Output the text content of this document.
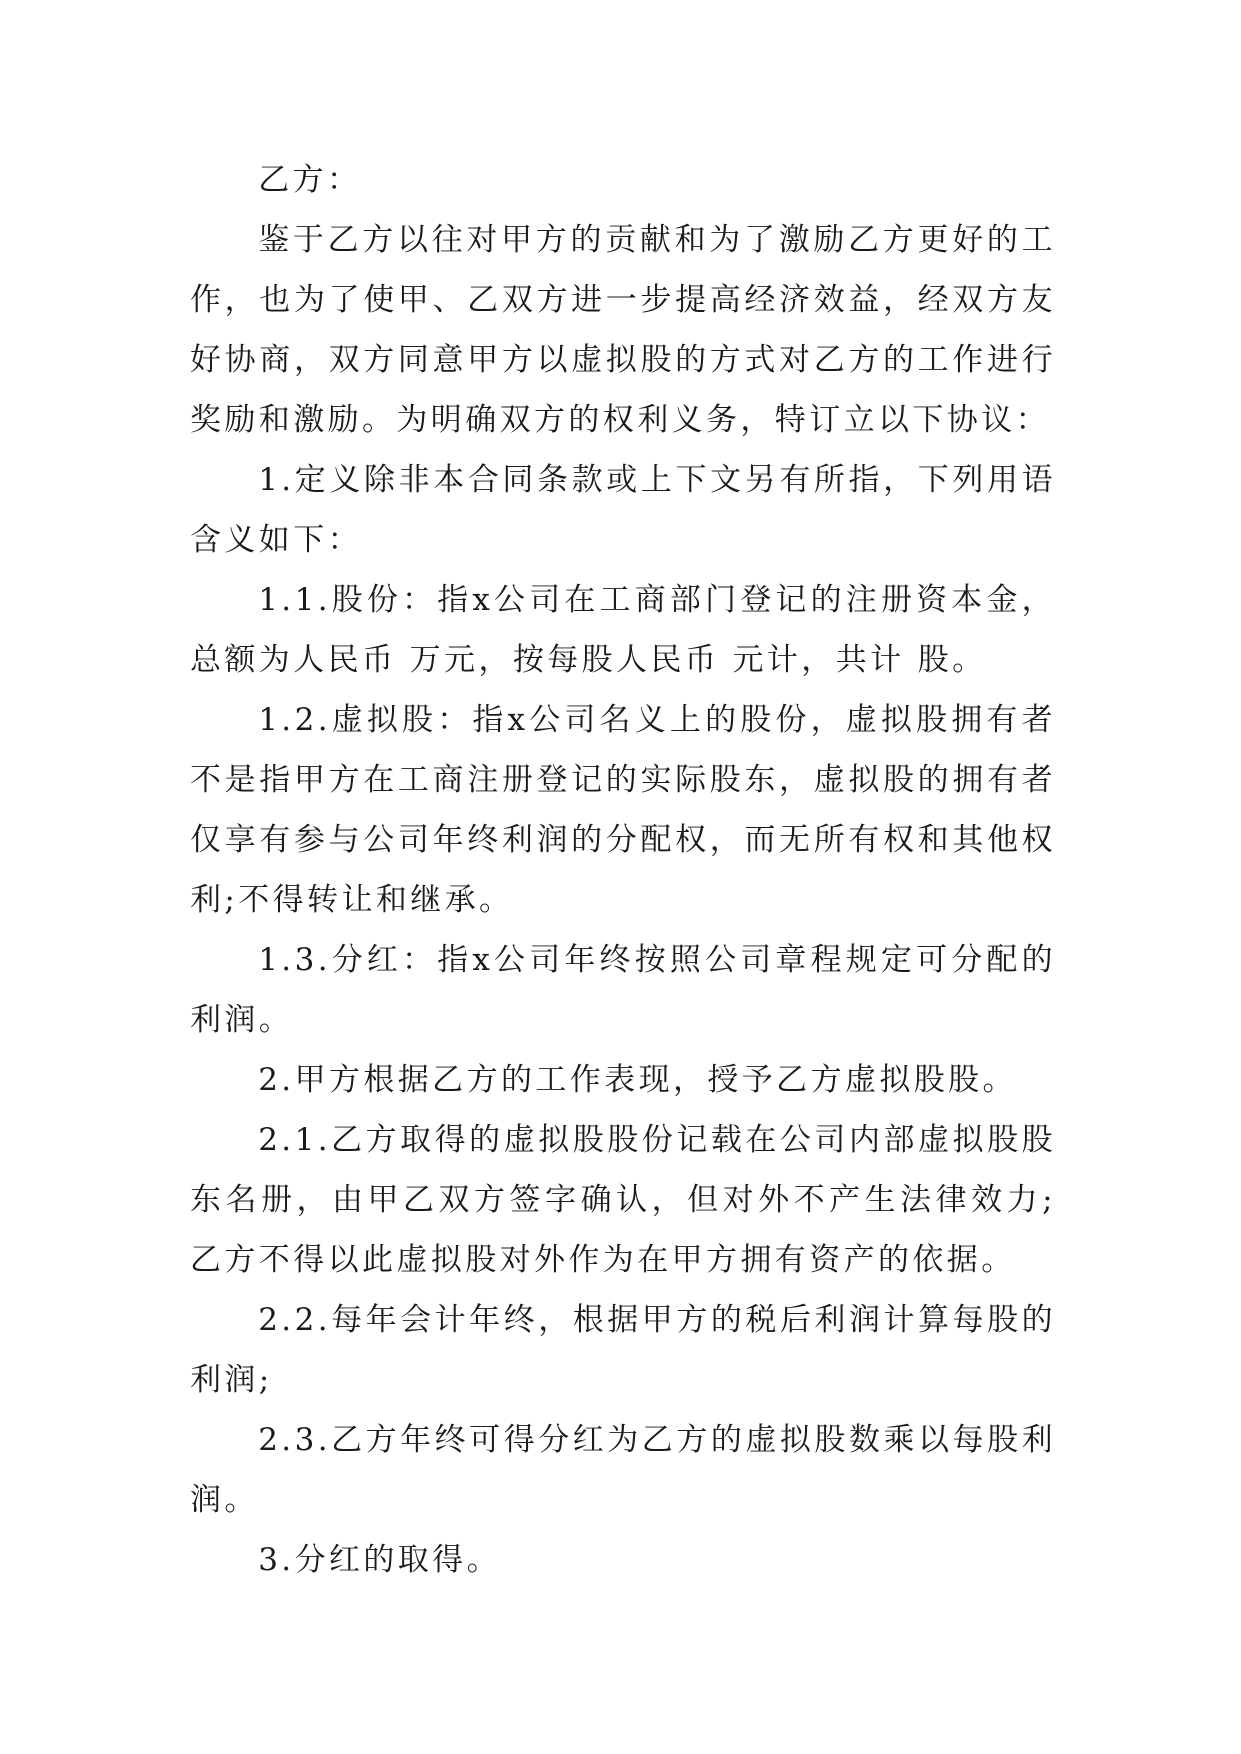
乙方：

鉴于乙方以往对甲方的贡献和为了激励乙方更好的工作，也为了使甲、乙双方进一步提高经济效益，经双方友好协商，双方同意甲方以虚拟股的方式对乙方的工作进行奖励和激励。为明确双方的权利义务，特订立以下协议：

1.定义除非本合同条款或上下文另有所指，下列用语含义如下：

1.1.股份：指x公司在工商部门登记的注册资本金，总额为人民币 万元，按每股人民币 元计，共计 股。

1.2.虚拟股：指x公司名义上的股份，虚拟股拥有者不是指甲方在工商注册登记的实际股东，虚拟股的拥有者仅享有参与公司年终利润的分配权，而无所有权和其他权利;不得转让和继承。

1.3.分红：指x公司年终按照公司章程规定可分配的利润。

2.甲方根据乙方的工作表现，授予乙方虚拟股股。

2.1.乙方取得的虚拟股股份记载在公司内部虚拟股股东名册，由甲乙双方签字确认，但对外不产生法律效力;乙方不得以此虚拟股对外作为在甲方拥有资产的依据。

2.2.每年会计年终，根据甲方的税后利润计算每股的利润;

2.3.乙方年终可得分红为乙方的虚拟股数乘以每股利润。

3.分红的取得。
